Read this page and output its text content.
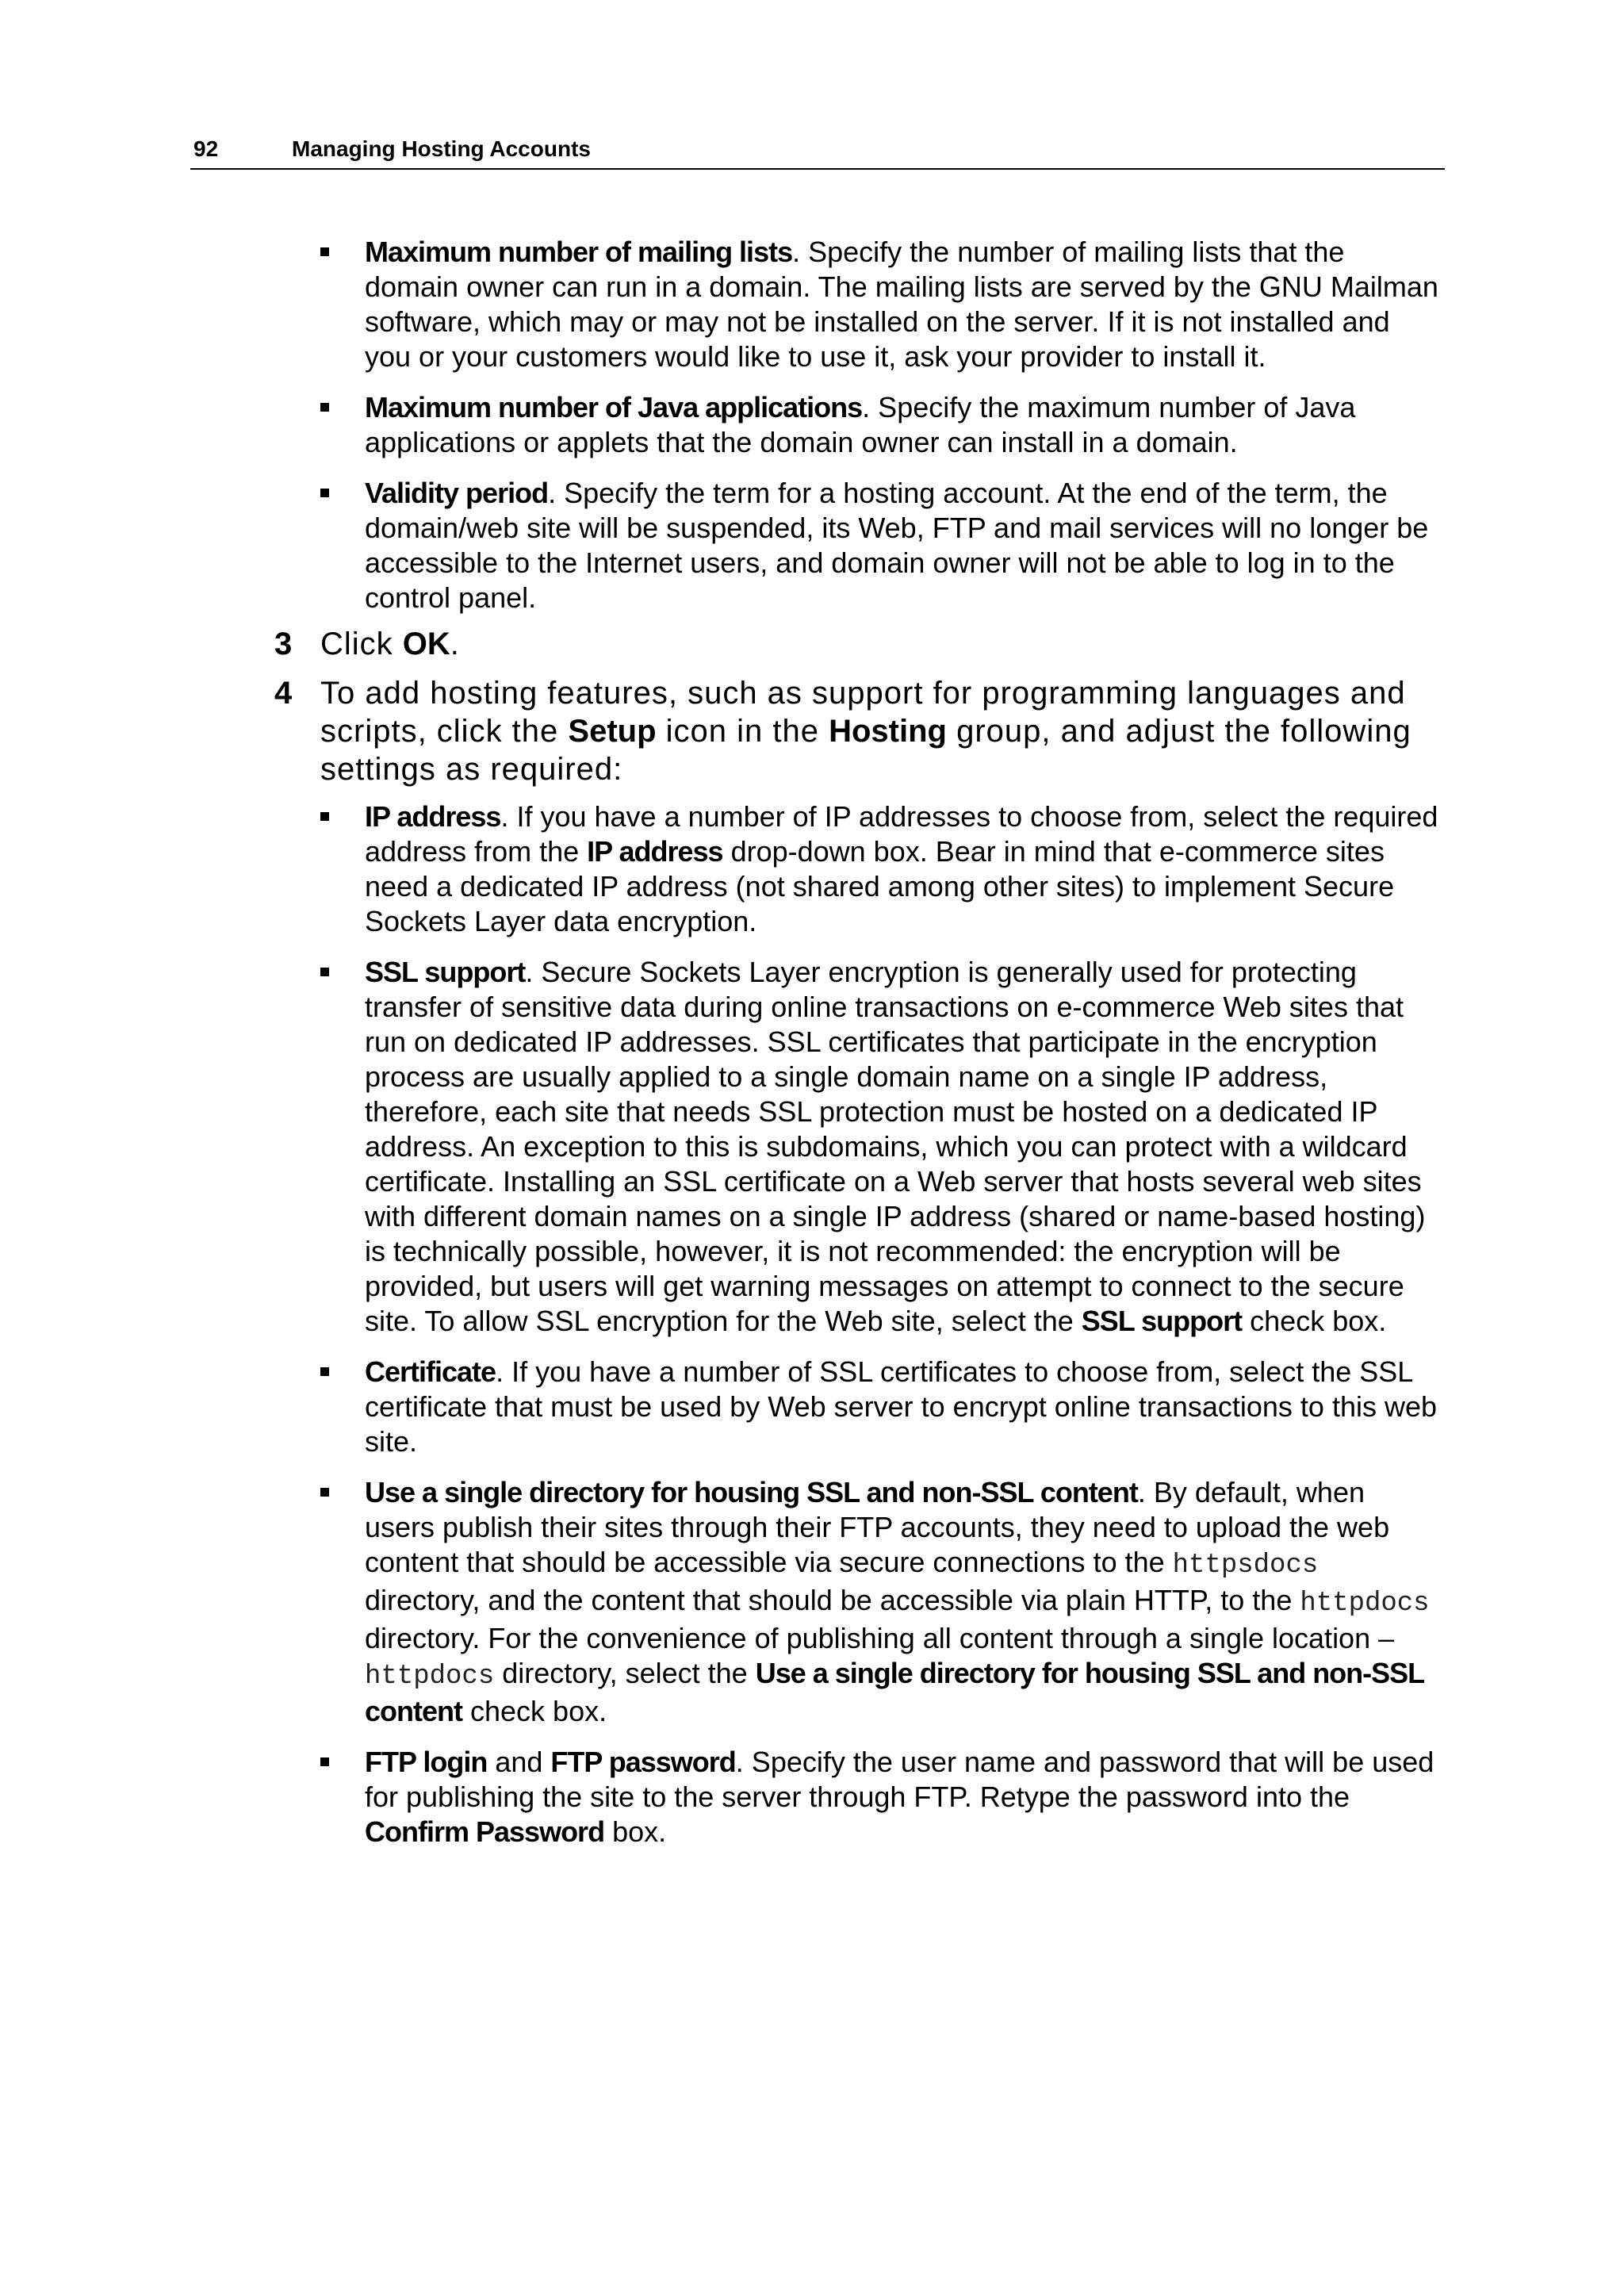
92	Managing Hosting Accounts
Maximum number of mailing lists. Specify the number of mailing lists that the domain owner can run in a domain. The mailing lists are served by the GNU Mailman software, which may or may not be installed on the server. If it is not installed and you or your customers would like to use it, ask your provider to install it.
Maximum number of Java applications. Specify the maximum number of Java applications or applets that the domain owner can install in a domain.
Validity period. Specify the term for a hosting account. At the end of the term, the domain/web site will be suspended, its Web, FTP and mail services will no longer be accessible to the Internet users, and domain owner will not be able to log in to the control panel.
3 Click OK.
4 To add hosting features, such as support for programming languages and scripts, click the Setup icon in the Hosting group, and adjust the following settings as required:
IP address. If you have a number of IP addresses to choose from, select the required address from the IP address drop-down box. Bear in mind that e-commerce sites need a dedicated IP address (not shared among other sites) to implement Secure Sockets Layer data encryption.
SSL support. Secure Sockets Layer encryption is generally used for protecting transfer of sensitive data during online transactions on e-commerce Web sites that run on dedicated IP addresses. SSL certificates that participate in the encryption process are usually applied to a single domain name on a single IP address, therefore, each site that needs SSL protection must be hosted on a dedicated IP address. An exception to this is subdomains, which you can protect with a wildcard certificate. Installing an SSL certificate on a Web server that hosts several web sites with different domain names on a single IP address (shared or name-based hosting) is technically possible, however, it is not recommended: the encryption will be provided, but users will get warning messages on attempt to connect to the secure site. To allow SSL encryption for the Web site, select the SSL support check box.
Certificate. If you have a number of SSL certificates to choose from, select the SSL certificate that must be used by Web server to encrypt online transactions to this web site.
Use a single directory for housing SSL and non-SSL content. By default, when users publish their sites through their FTP accounts, they need to upload the web content that should be accessible via secure connections to the httpsdocs directory, and the content that should be accessible via plain HTTP, to the httpdocs directory. For the convenience of publishing all content through a single location – httpdocs directory, select the Use a single directory for housing SSL and non-SSL content check box.
FTP login and FTP password. Specify the user name and password that will be used for publishing the site to the server through FTP. Retype the password into the Confirm Password box.
